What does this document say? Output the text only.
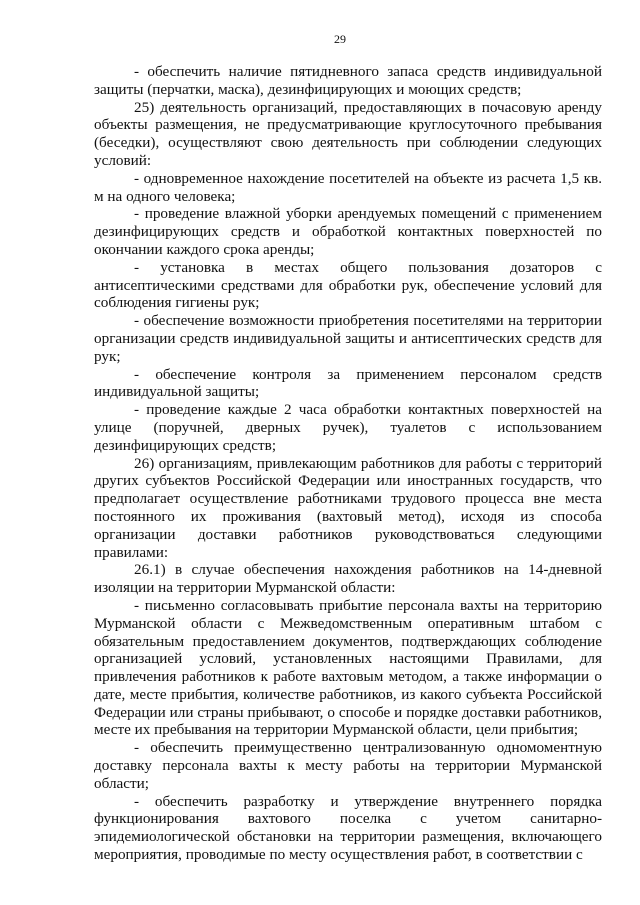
29

- обеспечить наличие пятидневного запаса средств индивидуальной защиты (перчатки, маска), дезинфицирующих и моющих средств;

25) деятельность организаций, предоставляющих в почасовую аренду объекты размещения, не предусматривающие круглосуточного пребывания (беседки), осуществляют свою деятельность при соблюдении следующих условий:

- одновременное нахождение посетителей на объекте из расчета 1,5 кв. м на одного человека;

- проведение влажной уборки арендуемых помещений с применением дезинфицирующих средств и обработкой контактных поверхностей по окончании каждого срока аренды;

- установка в местах общего пользования дозаторов с антисептическими средствами для обработки рук, обеспечение условий для соблюдения гигиены рук;

- обеспечение возможности приобретения посетителями на территории организации средств индивидуальной защиты и антисептических средств для рук;

- обеспечение контроля за применением персоналом средств индивидуальной защиты;

- проведение каждые 2 часа обработки контактных поверхностей на улице (поручней, дверных ручек), туалетов с использованием дезинфицирующих средств;

26) организациям, привлекающим работников для работы с территорий других субъектов Российской Федерации или иностранных государств, что предполагает осуществление работниками трудового процесса вне места постоянного их проживания (вахтовый метод), исходя из способа организации доставки работников руководствоваться следующими правилами:

26.1) в случае обеспечения нахождения работников на 14-дневной изоляции на территории Мурманской области:

- письменно согласовывать прибытие персонала вахты на территорию Мурманской области с Межведомственным оперативным штабом с обязательным предоставлением документов, подтверждающих соблюдение организацией условий, установленных настоящими Правилами, для привлечения работников к работе вахтовым методом, а также информации о дате, месте прибытия, количестве работников, из какого субъекта Российской Федерации или страны прибывают, о способе и порядке доставки работников, месте их пребывания на территории Мурманской области, цели прибытия;

- обеспечить преимущественно централизованную одномоментную доставку персонала вахты к месту работы на территории Мурманской области;

- обеспечить разработку и утверждение внутреннего порядка функционирования вахтового поселка с учетом санитарно-эпидемиологической обстановки на территории размещения, включающего мероприятия, проводимые по месту осуществления работ, в соответствии с
